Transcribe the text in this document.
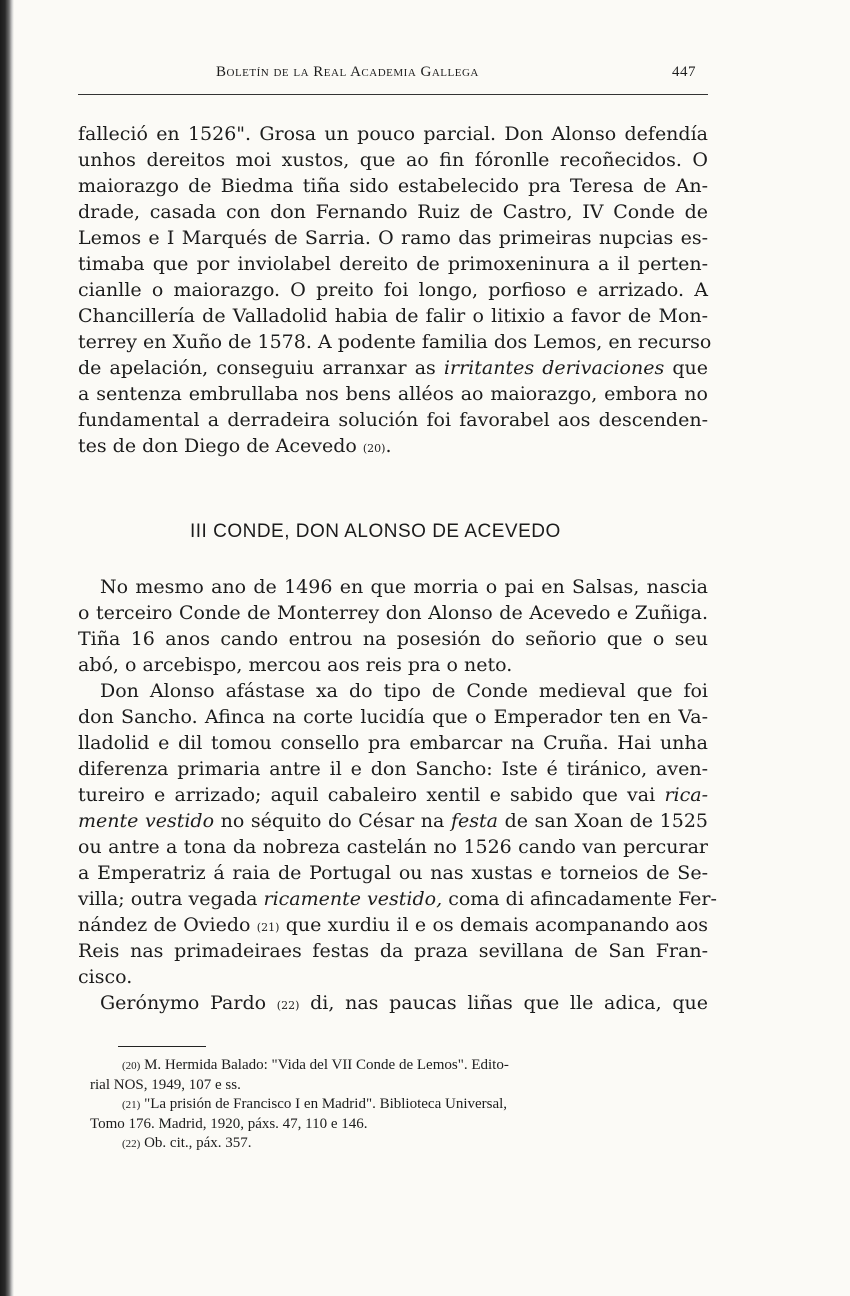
Boletín de la Real Academia Gallega	447
falleció en 1526". Grosa un pouco parcial. Don Alonso defendía
unhos dereitos moi xustos, que ao fin fóronlle recoñecidos. O
maiorazgo de Biedma tiña sido estabelecido pra Teresa de An-
drade, casada con don Fernando Ruiz de Castro, IV Conde de
Lemos e I Marqués de Sarria. O ramo das primeiras nupcias es-
timaba que por inviolabel dereito de primoxeninura a il perten-
cianlle o maiorazgo. O preito foi longo, porfioso e arrizado. A
Chancillería de Valladolid habia de falir o litixio a favor de Mon-
terrey en Xuño de 1578. A podente familia dos Lemos, en recurso
de apelación, conseguiu arranxar as irritantes derivaciones que
a sentenza embrullaba nos bens alléos ao maiorazgo, embora no
fundamental a derradeira solución foi favorabel aos descenden-
tes de don Diego de Acevedo (20).
III CONDE, DON ALONSO DE ACEVEDO
No mesmo ano de 1496 en que morria o pai en Salsas, nascia
o terceiro Conde de Monterrey don Alonso de Acevedo e Zuñiga.
Tiña 16 anos cando entrou na posesión do señorio que o seu
abó, o arcebispo, mercou aos reis pra o neto.
Don Alonso afástase xa do tipo de Conde medieval que foi
don Sancho. Afinca na corte lucidía que o Emperador ten en Va-
lladolid e dil tomou consello pra embarcar na Cruña. Hai unha
diferenza primaria antre il e don Sancho: Iste é tiránico, aven-
tureiro e arrizado; aquil cabaleiro xentil e sabido que vai rica-
mente vestido no séquito do César na festa de san Xoan de 1525
ou antre a tona da nobreza castelán no 1526 cando van percurar
a Emperatriz á raia de Portugal ou nas xustas e torneios de Se-
villa; outra vegada ricamente vestido, coma di afincadamente Fer-
nández de Oviedo (21) que xurdiu il e os demais acompanando aos
Reis nas primadeiraes festas da praza sevillana de San Fran-
cisco.
Gerónymo Pardo (22) di, nas paucas liñas que lle adica, que
(20) M. Hermida Balado: "Vida del VII Conde de Lemos". Edito-
rial NOS, 1949, 107 e ss.
(21) "La prisión de Francisco I en Madrid". Biblioteca Universal,
Tomo 176. Madrid, 1920, páxs. 47, 110 e 146.
(22) Ob. cit., páx. 357.
